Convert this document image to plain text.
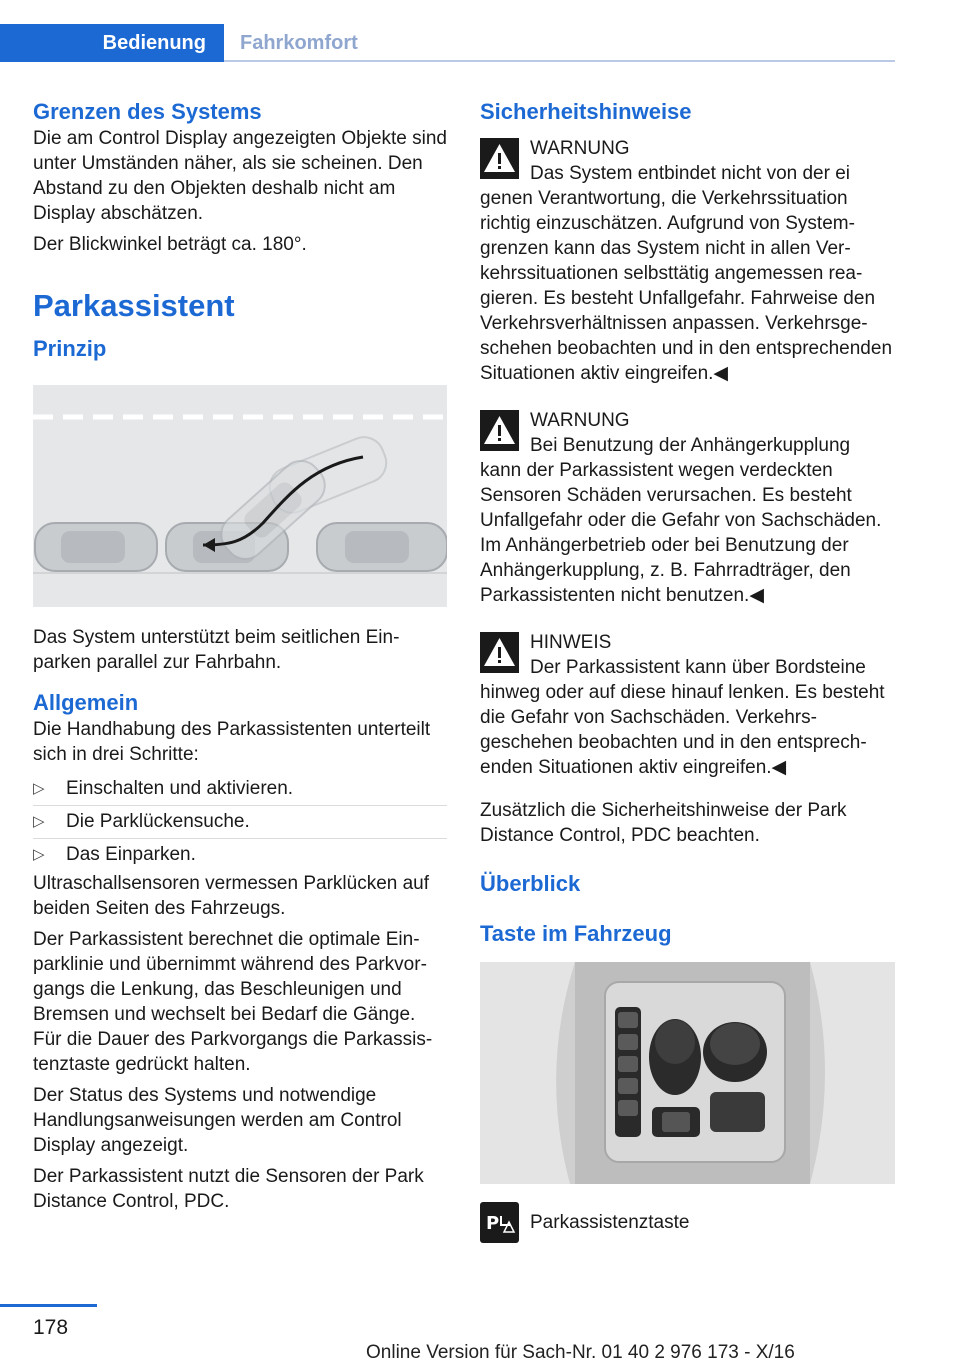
Bedienung	Fahrkomfort
Grenzen des Systems

Die am Control Display angezeigten Objekte sind unter Umständen näher, als sie scheinen. Den Abstand zu den Objekten deshalb nicht am Display abschätzen.

Der Blickwinkel beträgt ca. 180°.

Parkassistent
Prinzip

Das System unterstützt beim seitlichen Einparken parallel zur Fahrbahn.

Allgemein

Die Handhabung des Parkassistenten unterteilt sich in drei Schritte:

▷	Einschalten und aktivieren.
▷	Die Parklückensuche.
▷	Das Einparken.

Ultraschallsensoren vermessen Parklücken auf beiden Seiten des Fahrzeugs.

Der Parkassistent berechnet die optimale Einparklinie und übernimmt während des Parkvorgangs die Lenkung, das Beschleunigen und Bremsen und wechselt bei Bedarf die Gänge. Für die Dauer des Parkvorgangs die Parkassistenztaste gedrückt halten.

Der Status des Systems und notwendige Handlungsanweisungen werden am Control Display angezeigt.

Der Parkassistent nutzt die Sensoren der Park Distance Control, PDC.

Sicherheitshinweise
WARNUNG
Das System entbindet nicht von der ei
genen Verantwortung, die Verkehrssituation richtig einzuschätzen. Aufgrund von Systemgrenzen kann das System nicht in allen Verkehrssituationen selbsttätig angemessen reagieren. Es besteht Unfallgefahr. Fahrweise den Verkehrsverhältnissen anpassen. Verkehrsgeschehen beobachten und in den entsprechenden Situationen aktiv eingreifen.◀
WARNUNG
Bei Benutzung der Anhängerkupplung
kann der Parkassistent wegen verdeckten Sensoren Schäden verursachen. Es besteht Unfallgefahr oder die Gefahr von Sachschäden. Im Anhängerbetrieb oder bei Benutzung der Anhängerkupplung, z. B. Fahrradträger, den Parkassistenten nicht benutzen.◀
HINWEIS
Der Parkassistent kann über Bordsteine
hinweg oder auf diese hinauf lenken. Es besteht die Gefahr von Sachschäden. Verkehrsgeschehen beobachten und in den entsprechenden Situationen aktiv eingreifen.◀

Zusätzlich die Sicherheitshinweise der Park Distance Control, PDC beachten.

Überblick
Taste im Fahrzeug
P Parkassistenztaste
178
Online Version für Sach-Nr. 01 40 2 976 173 - X/16
